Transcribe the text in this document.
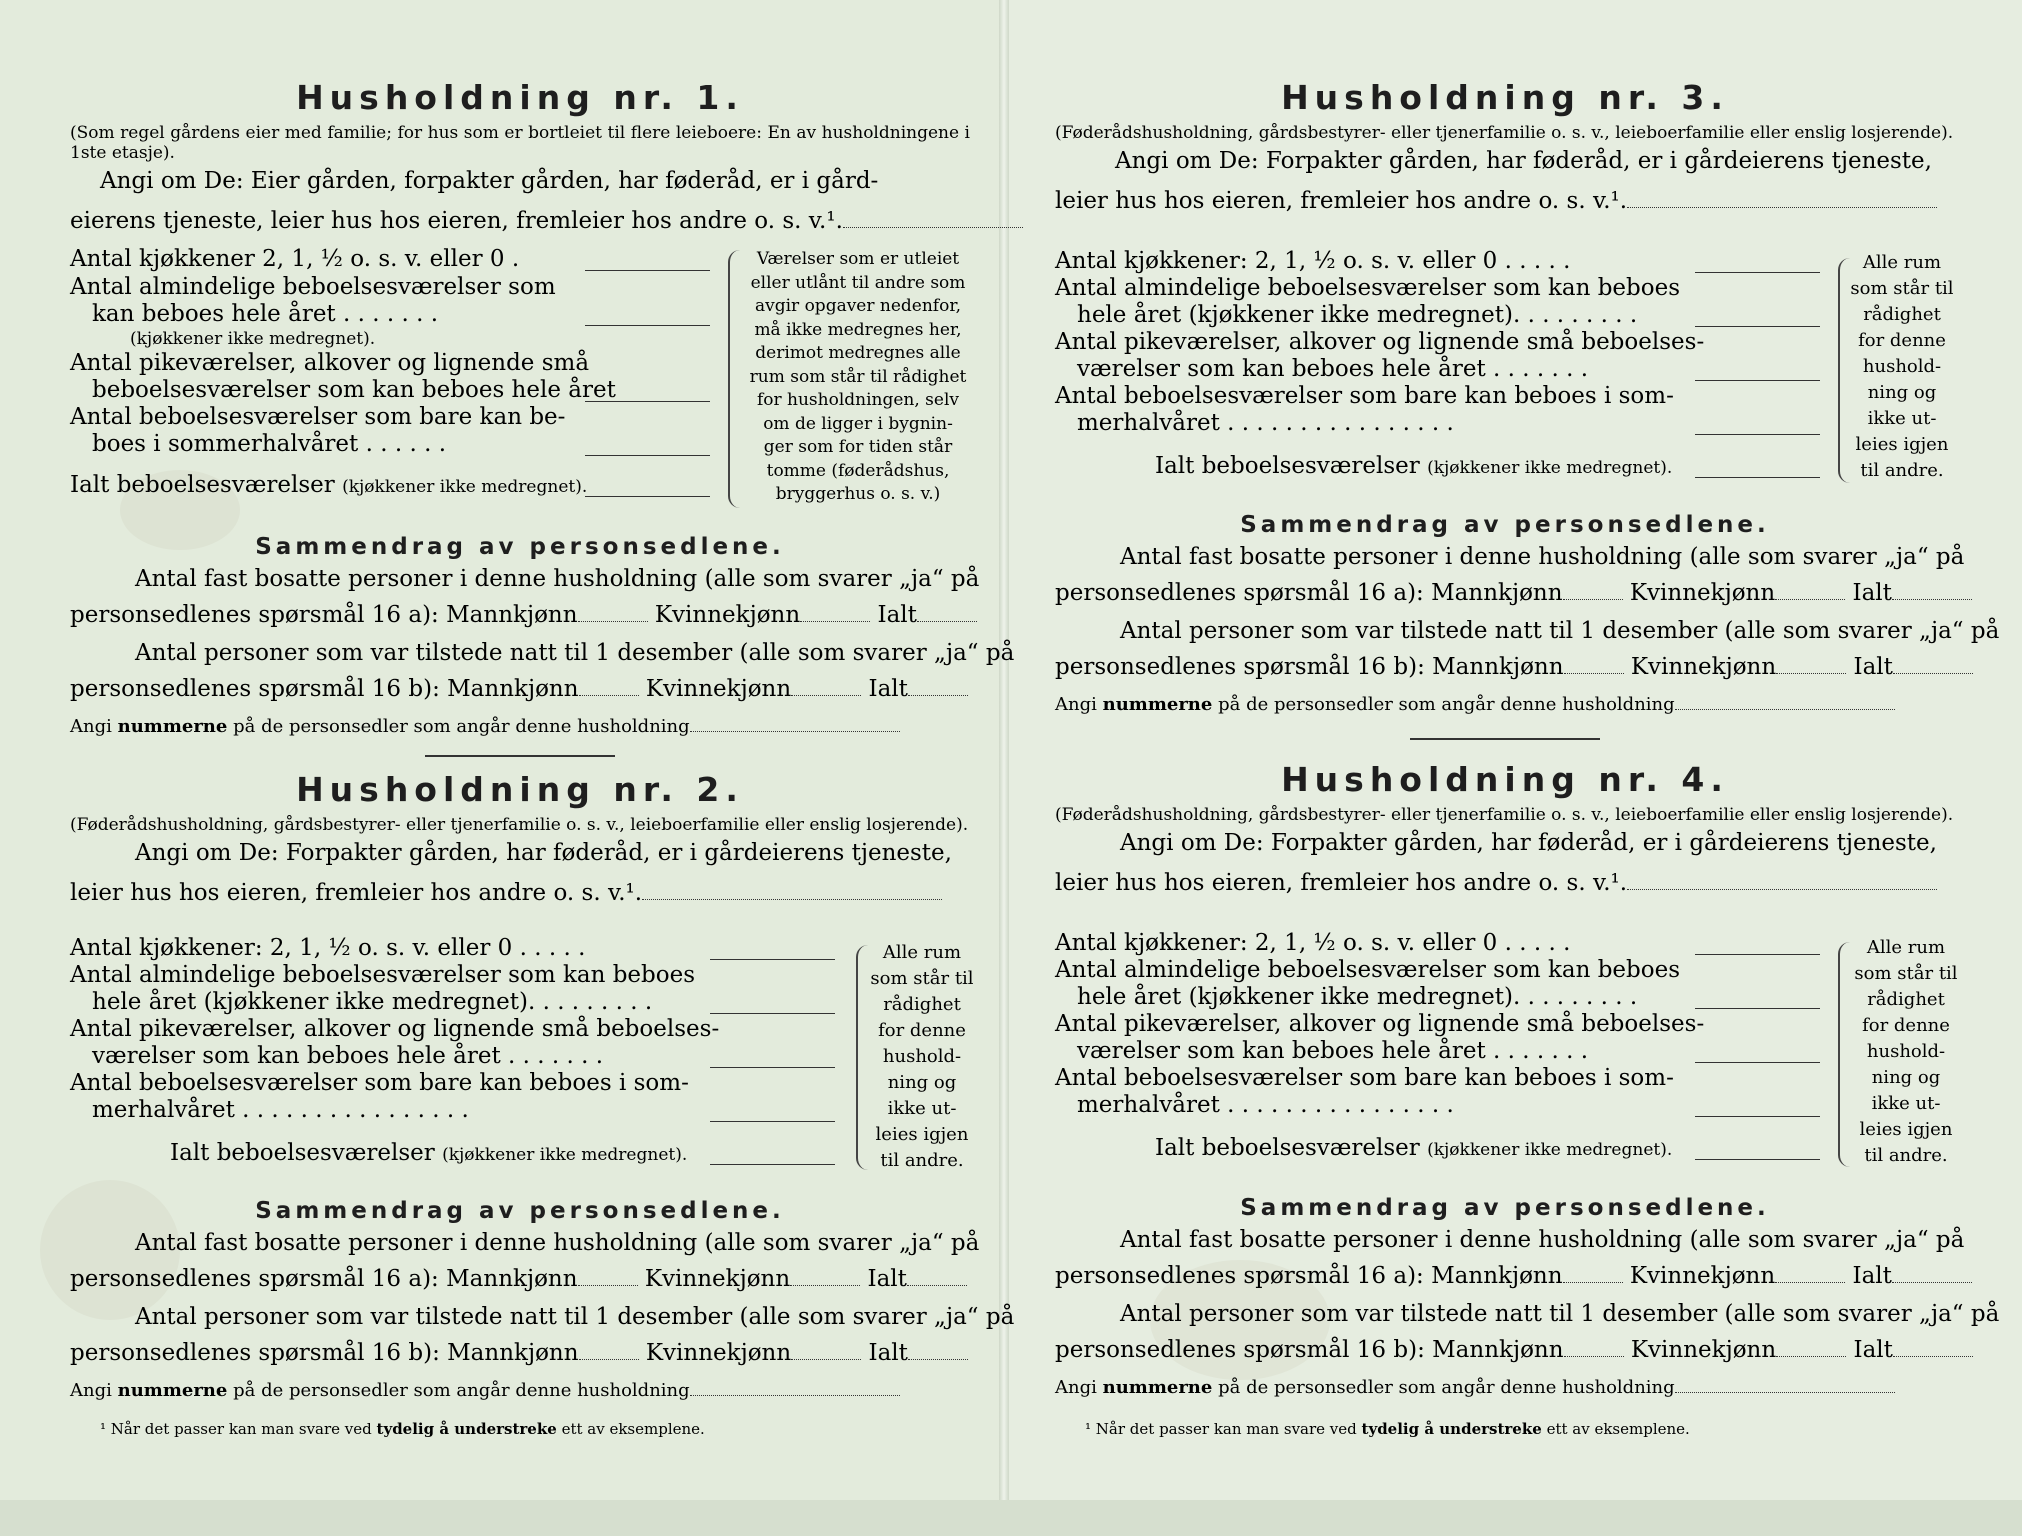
Husholdning nr. 1.
(Som regel gårdens eier med familie; for hus som er bortleiet til flere leieboere: En av husholdningene i 1ste etasje).
Angi om De: Eier gården, forpakter gården, har føderåd, er i gård-
eierens tjeneste, leier hus hos eieren, fremleier hos andre o. s. v.¹.
Antal kjøkkener 2, 1, ½ o. s. v. eller 0 .
Antal almindelige beboelsesværelser som
kan beboes hele året . . . . . . .
(kjøkkener ikke medregnet).
Antal pikeværelser, alkover og lignende små
beboelsesværelser som kan beboes hele året
Antal beboelsesværelser som bare kan be-
boes i sommerhalvåret . . . . . .
Ialt beboelsesværelser (kjøkkener ikke medregnet).
Værelser som er utleiet
eller utlånt til andre som
avgir opgaver nedenfor,
må ikke medregnes her,
derimot medregnes alle
rum som står til rådighet
for husholdningen, selv
om de ligger i bygnin-
ger som for tiden står
tomme (føderådshus,
bryggerhus o. s. v.)
Sammendrag av personsedlene.
Antal fast bosatte personer i denne husholdning (alle som svarer „ja“ på
personsedlenes spørsmål 16 a): Mannkjønn	Kvinnekjønn	Ialt
Antal personer som var tilstede natt til 1 desember (alle som svarer „ja“ på
personsedlenes spørsmål 16 b): Mannkjønn	Kvinnekjønn	Ialt
Angi nummerne på de personsedler som angår denne husholdning
Husholdning nr. 2.
(Føderådshusholdning, gårdsbestyrer- eller tjenerfamilie o. s. v., leieboerfamilie eller enslig losjerende).
Angi om De: Forpakter gården, har føderåd, er i gårdeierens tjeneste,
leier hus hos eieren, fremleier hos andre o. s. v.¹.
Antal kjøkkener: 2, 1, ½ o. s. v. eller 0 . . . . .
Antal almindelige beboelsesværelser som kan beboes
hele året (kjøkkener ikke medregnet). . . . . . . . .
Antal pikeværelser, alkover og lignende små beboelses-
værelser som kan beboes hele året . . . . . . .
Antal beboelsesværelser som bare kan beboes i som-
merhalvåret . . . . . . . . . . . . . . . .
Ialt beboelsesværelser (kjøkkener ikke medregnet).
Alle rum
som står til
rådighet
for denne
hushold-
ning og
ikke ut-
leies igjen
til andre.
Sammendrag av personsedlene.
Antal fast bosatte personer i denne husholdning (alle som svarer „ja“ på
personsedlenes spørsmål 16 a): Mannkjønn	Kvinnekjønn	Ialt
Antal personer som var tilstede natt til 1 desember (alle som svarer „ja“ på
personsedlenes spørsmål 16 b): Mannkjønn	Kvinnekjønn	Ialt
Angi nummerne på de personsedler som angår denne husholdning
¹ Når det passer kan man svare ved tydelig å understreke ett av eksemplene.
Husholdning nr. 3.
(Føderådshusholdning, gårdsbestyrer- eller tjenerfamilie o. s. v., leieboerfamilie eller enslig losjerende).
Angi om De: Forpakter gården, har føderåd, er i gårdeierens tjeneste,
leier hus hos eieren, fremleier hos andre o. s. v.¹.
Antal kjøkkener: 2, 1, ½ o. s. v. eller 0 . . . . .
Antal almindelige beboelsesværelser som kan beboes
hele året (kjøkkener ikke medregnet). . . . . . . . .
Antal pikeværelser, alkover og lignende små beboelses-
værelser som kan beboes hele året . . . . . . .
Antal beboelsesværelser som bare kan beboes i som-
merhalvåret . . . . . . . . . . . . . . . .
Ialt beboelsesværelser (kjøkkener ikke medregnet).
Alle rum
som står til
rådighet
for denne
hushold-
ning og
ikke ut-
leies igjen
til andre.
Sammendrag av personsedlene.
Antal fast bosatte personer i denne husholdning (alle som svarer „ja“ på
personsedlenes spørsmål 16 a): Mannkjønn	Kvinnekjønn	Ialt
Antal personer som var tilstede natt til 1 desember (alle som svarer „ja“ på
personsedlenes spørsmål 16 b): Mannkjønn	Kvinnekjønn	Ialt
Angi nummerne på de personsedler som angår denne husholdning
Husholdning nr. 4.
(Føderådshusholdning, gårdsbestyrer- eller tjenerfamilie o. s. v., leieboerfamilie eller enslig losjerende).
Angi om De: Forpakter gården, har føderåd, er i gårdeierens tjeneste,
leier hus hos eieren, fremleier hos andre o. s. v.¹.
Antal kjøkkener: 2, 1, ½ o. s. v. eller 0 . . . . .
Antal almindelige beboelsesværelser som kan beboes
hele året (kjøkkener ikke medregnet). . . . . . . . .
Antal pikeværelser, alkover og lignende små beboelses-
værelser som kan beboes hele året . . . . . . .
Antal beboelsesværelser som bare kan beboes i som-
merhalvåret . . . . . . . . . . . . . . . .
Ialt beboelsesværelser (kjøkkener ikke medregnet).
Alle rum
som står til
rådighet
for denne
hushold-
ning og
ikke ut-
leies igjen
til andre.
Sammendrag av personsedlene.
Antal fast bosatte personer i denne husholdning (alle som svarer „ja“ på
personsedlenes spørsmål 16 a): Mannkjønn	Kvinnekjønn	Ialt
Antal personer som var tilstede natt til 1 desember (alle som svarer „ja“ på
personsedlenes spørsmål 16 b): Mannkjønn	Kvinnekjønn	Ialt
Angi nummerne på de personsedler som angår denne husholdning
¹ Når det passer kan man svare ved tydelig å understreke ett av eksemplene.
